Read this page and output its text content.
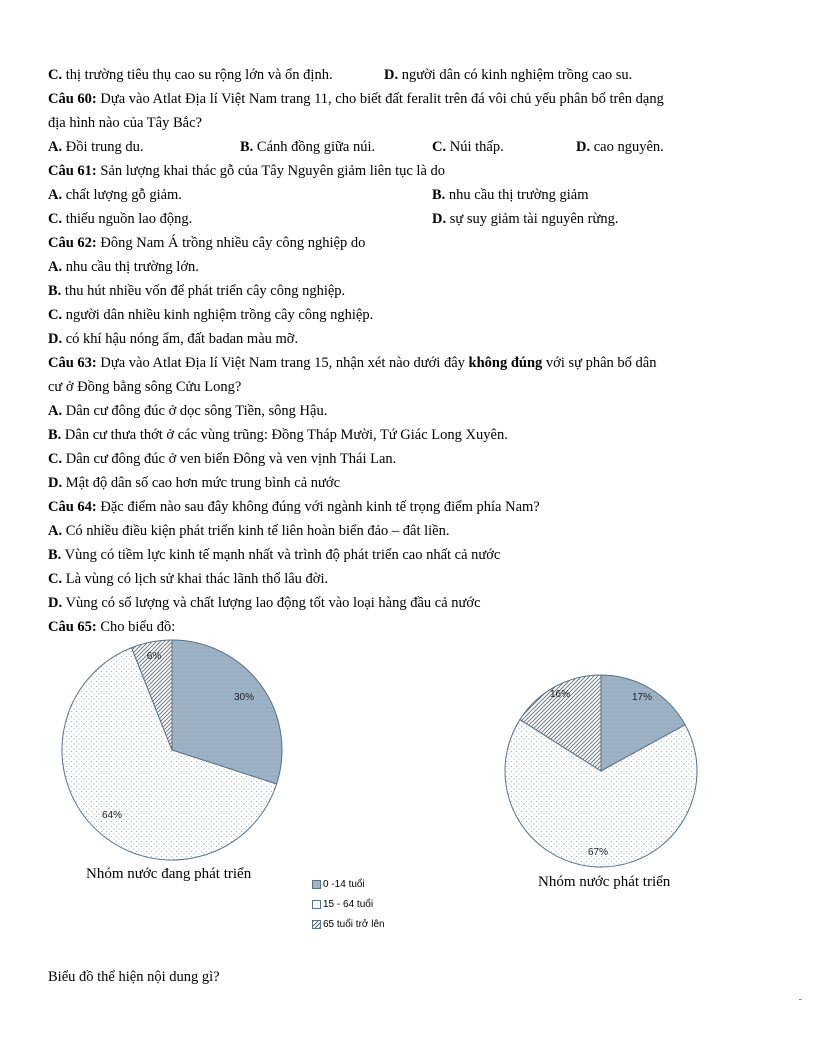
C. thị trường tiêu thụ cao su rộng lớn và ổn định.	D. người dân có kinh nghiệm trồng cao su.
Câu 60: Dựa vào Atlat Địa lí Việt Nam trang 11, cho biết đất feralit trên đá vôi chủ yếu phân bố trên dạng
địa hình nào của Tây Bắc?
A. Đồi trung du.	B. Cánh đồng giữa núi.	C. Núi thấp.	D. cao nguyên.
Câu 61: Sản lượng khai thác gỗ của Tây Nguyên giảm liên tục là do
A. chất lượng gỗ giảm.	B. nhu cầu thị trường giảm
C. thiếu nguồn lao động.	D. sự suy giảm tài nguyên rừng.
Câu 62: Đông Nam Á trồng nhiều cây công nghiệp do
A. nhu cầu thị trường lớn.
B. thu hút nhiều vốn để phát triển cây công nghiệp.
C. người dân nhiều kinh nghiệm trồng cây công nghiệp.
D. có khí hậu nóng ẩm, đất badan màu mỡ.
Câu 63: Dựa vào Atlat Địa lí Việt Nam trang 15, nhận xét nào dưới đây không đúng với sự phân bố dân
cư ở Đồng bằng sông Cửu Long?
A. Dân cư đông đúc ở dọc sông Tiền, sông Hậu.
B. Dân cư thưa thớt ở các vùng trũng: Đồng Tháp Mười, Tứ Giác Long Xuyên.
C. Dân cư đông đúc ở ven biển Đông và ven vịnh Thái Lan.
D. Mật độ dân số cao hơn mức trung bình cả nước
Câu 64: Đặc điểm nào sau đây không đúng với ngành kinh tế trọng điểm phía Nam?
A. Có nhiều điều kiện phát triển kinh tế liên hoàn biển đảo – đât liền.
B. Vùng có tiềm lực kinh tế mạnh nhất và trình độ phát triển cao nhất cả nước
C. Là vùng có lịch sử khai thác lãnh thổ lâu đời.
D. Vùng có số lượng và chất lượng lao động tốt vào loại hàng đầu cả nước
Câu 65: Cho biểu đồ:
30%
64%
6%
17%
67%
16%
Nhóm nước đang phát triển	Nhóm nước phát triển
0 -14 tuổi
15 - 64 tuổi
65 tuổi trở lên
Biểu đồ thể hiện nội dung gì?
-
